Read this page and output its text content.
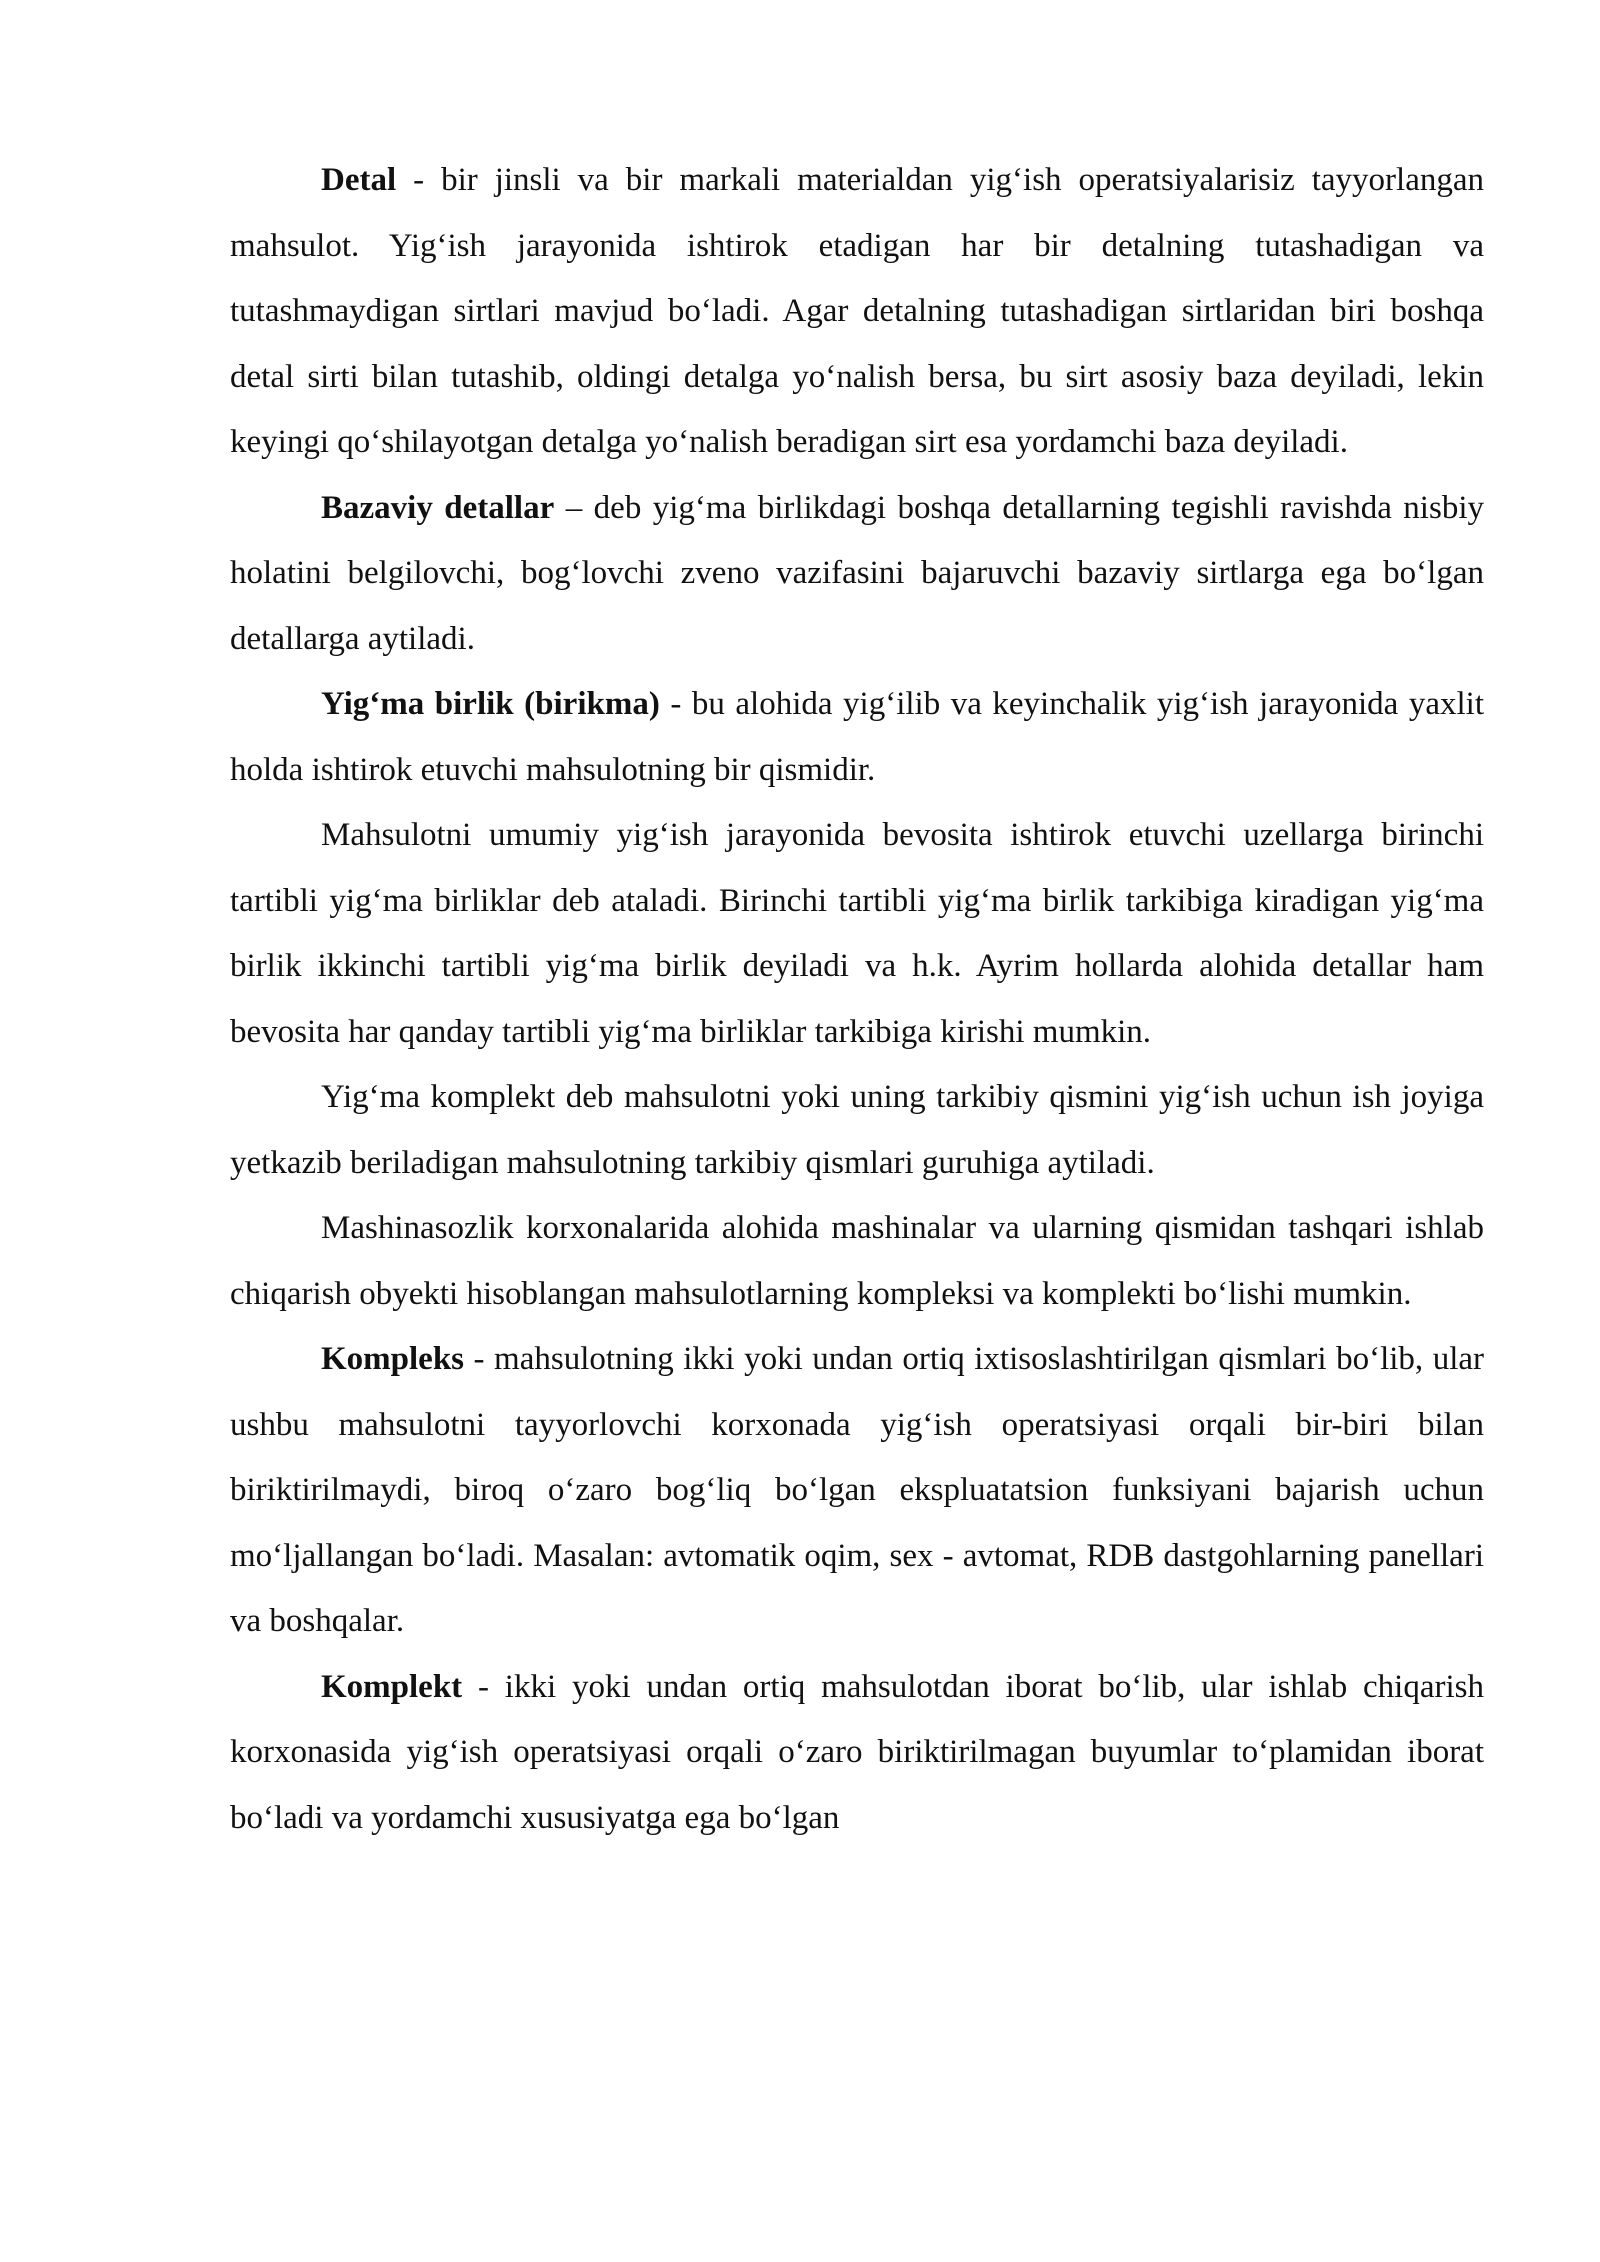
Detal - bir jinsli va bir markali materialdan yig‘ish operatsiyalarisiz tayyorlangan mahsulot. Yig‘ish jarayonida ishtirok etadigan har bir detalning tutashadigan va tutashmaydigan sirtlari mavjud bo‘ladi. Agar detalning tutashadigan sirtlaridan biri boshqa detal sirti bilan tutashib, oldingi detalga yo‘nalish bersa, bu sirt asosiy baza deyiladi, lekin keyingi qo‘shilayotgan detalga yo‘nalish beradigan sirt esa yordamchi baza deyiladi.

Bazaviy detallar – deb yig‘ma birlikdagi boshqa detallarning tegishli ravishda nisbiy holatini belgilovchi, bog‘lovchi zveno vazifasini bajaruvchi bazaviy sirtlarga ega bo‘lgan detallarga aytiladi.

Yig‘ma birlik (birikma) - bu alohida yig‘ilib va keyinchalik yig‘ish jarayonida yaxlit holda ishtirok etuvchi mahsulotning bir qismidir.

Mahsulotni umumiy yig‘ish jarayonida bevosita ishtirok etuvchi uzellarga birinchi tartibli yig‘ma birliklar deb ataladi. Birinchi tartibli yig‘ma birlik tarkibiga kiradigan yig‘ma birlik ikkinchi tartibli yig‘ma birlik deyiladi va h.k. Ayrim hollarda alohida detallar ham bevosita har qanday tartibli yig‘ma birliklar tarkibiga kirishi mumkin.

Yig‘ma komplekt deb mahsulotni yoki uning tarkibiy qismini yig‘ish uchun ish joyiga yetkazib beriladigan mahsulotning tarkibiy qismlari guruhiga aytiladi.

Mashinasozlik korxonalarida alohida mashinalar va ularning qismidan tashqari ishlab chiqarish obyekti hisoblangan mahsulotlarning kompleksi va komplekti bo‘lishi mumkin.

Kompleks - mahsulotning ikki yoki undan ortiq ixtisoslashtirilgan qismlari bo‘lib, ular ushbu mahsulotni tayyorlovchi korxonada yig‘ish operatsiyasi orqali bir-biri bilan biriktirilmaydi, biroq o‘zaro bog‘liq bo‘lgan ekspluatatsion funksiyani bajarish uchun mo‘ljallangan bo‘ladi. Masalan: avtomatik oqim, sex - avtomat, RDB dastgohlarning panellari va boshqalar.

Komplekt - ikki yoki undan ortiq mahsulotdan iborat bo‘lib, ular ishlab chiqarish korxonasida yig‘ish operatsiyasi orqali o‘zaro biriktirilmagan buyumlar to‘plamidan iborat bo‘ladi va yordamchi xususiyatga ega bo‘lgan
